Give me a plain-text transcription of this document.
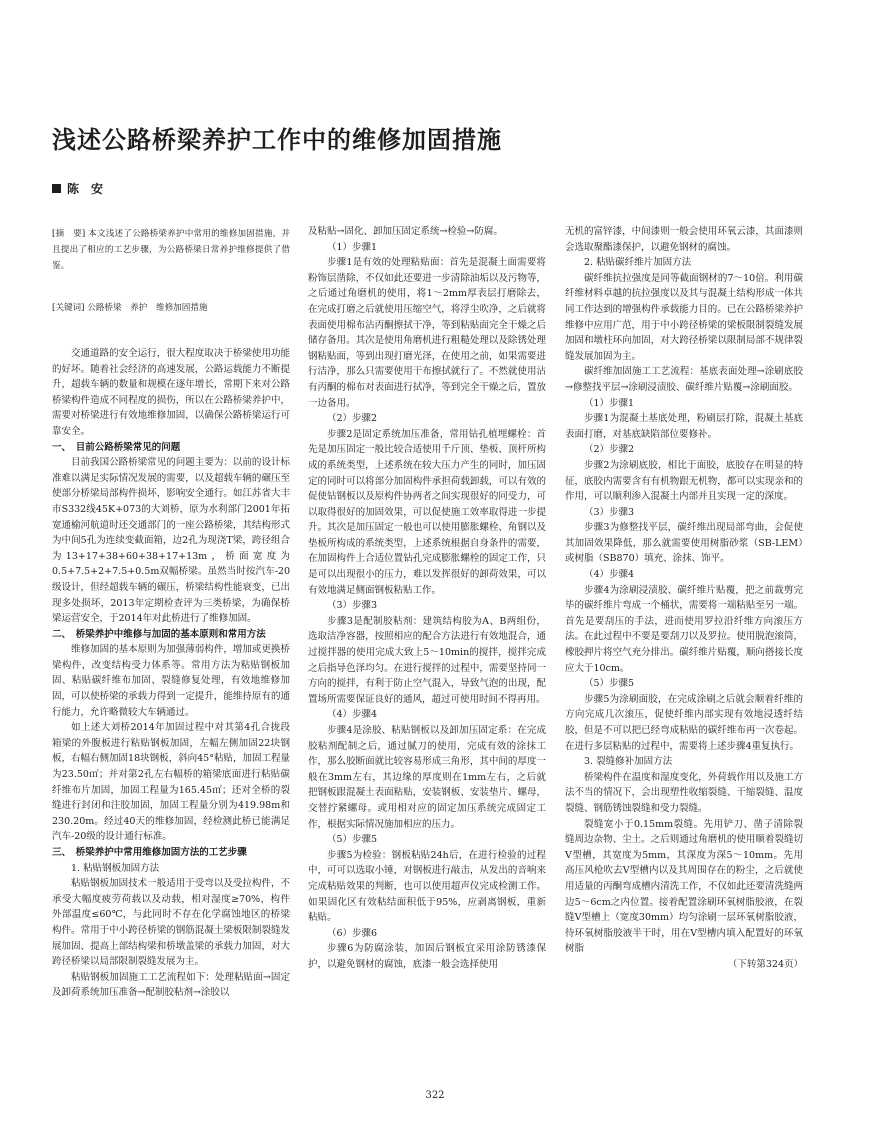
浅述公路桥梁养护工作中的维修加固措施
陈　安

[摘　要] 本文浅述了公路桥梁养护中常用的维修加固措施，并且提出了相应的工艺步骤，为公路桥梁日常养护维修提供了借鉴。

[关键词] 公路桥梁　养护　维修加固措施

交通道路的安全运行，很大程度取决于桥梁使用功能的好坏。随着社会经济的高速发展，公路运载能力不断提升，超载车辆的数量和规模在逐年增长，常期下来对公路桥梁构件造成不同程度的损伤，所以在公路桥梁养护中，需要对桥梁进行有效地维修加固，以确保公路桥梁运行可靠安全。

一、　目前公路桥梁常见的问题

目前我国公路桥梁常见的问题主要为：以前的设计标准难以满足实际情况发展的需要，以及超载车辆的碾压至使部分桥梁局部构件损坏，影响安全通行。如江苏省大丰市S332线45K+073的大刘桥，原为水利部门2001年拓宽通榆河航道时还交通部门的一座公路桥梁，其结构形式为中间5孔为连续变截面箱，边2孔为现浇T梁，跨径组合为13+17+38+60+38+17+13m，桥面宽度为0.5+7.5+2+7.5+0.5m双幅桥梁。虽然当时按汽车-20级设计，但经超载车辆的碾压，桥梁结构性能衰变，已出现多处损坏，2013年定期检查评为三类桥梁，为确保桥梁运营安全，于2014年对此桥进行了维修加固。

二、　桥梁养护中维修与加固的基本原则和常用方法

维修加固的基本原则为加强薄弱构件，增加或更换桥梁构件，改变结构受力体系等。常用方法为粘贴钢板加固、粘贴碳纤维布加固、裂缝修复处理，有效地维修加固，可以使桥梁的承载力得到一定提升，能维持原有的通行能力，允许略微较大车辆通过。

如上述大刘桥2014年加固过程中对其第4孔合拢段箱梁的外腹板进行粘贴钢板加固，左幅左侧加固22块钢板，右幅右侧加固18块钢板，斜向45°粘贴，加固工程量为23.50㎡；并对第2孔左右幅桥的箱梁底面进行粘贴碳纤维布片加固，加固工程量为165.45㎡；还对全桥的裂缝进行封闭和注胶加固，加固工程量分别为419.98m和230.20m。经过40天的维修加固，经检测此桥已能满足汽车-20级的设计通行标准。

三、　桥梁养护中常用维修加固方法的工艺步骤

1. 粘贴钢板加固方法

粘贴钢板加固技术一般适用于受弯以及受拉构件，不承受大幅度疲劳荷载以及动载，相对湿度≥70%，构件外部温度≤60℃，与此同时不存在化学腐蚀地区的桥梁构件。常用于中小跨径桥梁的钢筋混凝土梁板限制裂缝发展加固、提高上部结构梁和桥墩盖梁的承载力加固，对大跨径桥梁以局部限制裂缝发展为主。

粘贴钢板加固施工工艺流程如下：处理粘贴面→固定及卸荷系统加压准备→配制胶粘剂→涂胶以

及粘贴→固化、卸加压固定系统→检验→防腐。

（1）步骤1

步骤1是有效的处理粘贴面：首先是混凝土面需要将粉饰层凿除，不仅如此还要进一步清除油垢以及污物等，之后通过角磨机的使用，将1～2mm厚表层打磨除去，在完成打磨之后就使用压缩空气，将浮尘吹净，之后就将表面使用棉布沾丙酮擦拭干净，等到粘贴面完全干燥之后储存备用。其次是使用角磨机进行粗糙处理以及除锈处理钢粘贴面，等到出现打磨光泽，在使用之前，如果需要进行洁净，那么只需要使用干布擦拭就行了。不然就使用沾有丙酮的棉布对表面进行拭净，等到完全干燥之后，置放一边备用。

（2）步骤2

步骤2是固定系统加压准备，常用钻孔植埋螺栓：首先是加压固定一般比较合适使用千斤顶、垫板、顶杆所构成的系统类型，上述系统在较大压力产生的同时，加压固定的同时可以将部分加固构件承担荷载卸载，可以有效的促使钻钢板以及原构件协两者之间实现很好的同受力，可以取得很好的加固效果，可以促使施工效率取得进一步提升。其次是加压固定一般也可以使用膨胀螺栓、角钢以及垫板所构成的系统类型，上述系统根据自身条件的需要，在加固构件上合适位置钻孔完成膨胀螺栓的固定工作，只是可以出现很小的压力，难以发挥很好的卸荷效果，可以有效地满足侧面钢板粘贴工作。

（3）步骤3

步骤3是配制胶粘剂：建筑结构胶为A、B两组份，选取洁净容器，按照相应的配合方法进行有效地混合，通过搅拌器的使用完成大致上5～10min的搅拌，搅拌完成之后指导色泽均匀。在进行搅拌的过程中，需要坚持同一方向的搅拌，有利于防止空气混入，导致气泡的出现，配置场所需要保证良好的通风，超过可使用时间不得再用。

（4）步骤4

步骤4是涂胶、粘贴钢板以及卸加压固定系：在完成胶粘剂配制之后，通过腻刀的使用，完成有效的涂抹工作，那么胶断面就比较容易形成三角形，其中间的厚度一般在3mm左右，其边缘的厚度则在1mm左右，之后就把钢板跟混凝土表面粘贴，安装钢板、安装垫片、螺母，交替拧紧螺母。或用相对应的固定加压系统完成固定工作，根据实际情况施加相应的压力。

（5）步骤5

步骤5为检验：钢板粘贴24h后，在进行检验的过程中，可可以选取小锤，对钢板进行敲击，从发出的音响来完成粘贴效果的判断，也可以使用超声仪完成检测工作。如果固化区有效粘结面积低于95%，应剥离钢板，重新粘贴。

（6）步骤6

步骤6为防腐涂装，加固后钢板宜采用涂防锈漆保护，以避免钢材的腐蚀，底漆一般会选择使用

无机的富锌漆，中间漆则一般会使用环氧云漆，其面漆则会选取聚酯漆保护，以避免钢材的腐蚀。

2. 粘贴碳纤维片加固方法

碳纤维抗拉强度是同等截面钢材的7～10倍。利用碳纤维材料卓越的抗拉强度以及其与混凝土结构形成一体共同工作达到的增强构件承载能力目的。已在公路桥梁养护维修中应用广范，用于中小跨径桥梁的梁板限制裂缝发展加固和墩柱环向加固，对大跨径桥梁以限制局部不规律裂缝发展加固为主。

碳纤维加固施工工艺流程：基底表面处理→涂刷底胶→修整找平层→涂刷浸渍胶、碳纤维片贴覆→涂刷面胶。

（1）步骤1

步骤1为混凝土基底处理，粉刷层打除，混凝土基底表面打磨，对基底缺陷部位要修补。

（2）步骤2

步骤2为涂刷底胶，相比于面胶，底胶存在明显的特征，底胶内需要含有有机物跟无机物，都可以实现亲和的作用，可以顺利渗入混凝土内部并且实现一定的深度。

（3）步骤3

步骤3为修整找平层，碳纤维出现局部弯曲，会促使其加固效果降低，那么就需要使用树脂砂浆（SB-LEM）或树脂（SB870）填充、涂抹、饰平。

（4）步骤4

步骤4为涂刷浸渍胶、碳纤维片贴覆，把之前裁剪完毕的碳纤维片弯成一个桶状，需要将一端粘贴至另一端。首先是要刮压的手法，进而使用罗拉沿纤维方向滚压方法。在此过程中不要是要刮刀以及罗拉。使用脱泡滚筒，橡胶押片将空气充分排出。碳纤维片贴覆，顺向搭接长度应大于10cm。

（5）步骤5

步骤5为涂刷面胶，在完成涂刷之后就会顺着纤维的方向完成几次滚压，促使纤维内部实现有效地浸透纤结胶，但是不可以把已经弯成粘贴的碳纤维布再一次卷起。在进行多层粘贴的过程中，需要将上述步骤4重复执行。

3. 裂缝修补加固方法

桥梁构件在温度和湿度变化，外荷载作用以及施工方法不当的情况下，会出现塑性收缩裂缝、干缩裂缝、温度裂缝、钢筋锈蚀裂缝和受力裂缝。

裂缝宽小于0.15mm裂缝。先用铲刀、凿子清除裂缝周边杂物、尘土。之后则通过角磨机的使用顺着裂缝切V型槽，其宽度为5mm，其深度为深5～10mm。先用高压风枪吹去V型槽内以及其周围存在的粉尘，之后就使用适量的丙酮弯成槽内清洗工作，不仅如此还要清洗缝两边5～6cm之内位置。接着配置涂刷环氧树脂胶液，在裂缝V型槽上（宽度30mm）均匀涂刷一层环氧树脂胶液，待环氧树脂胶液半干时，用在V型槽内填入配置好的环氧树脂

（下转第324页）

322
